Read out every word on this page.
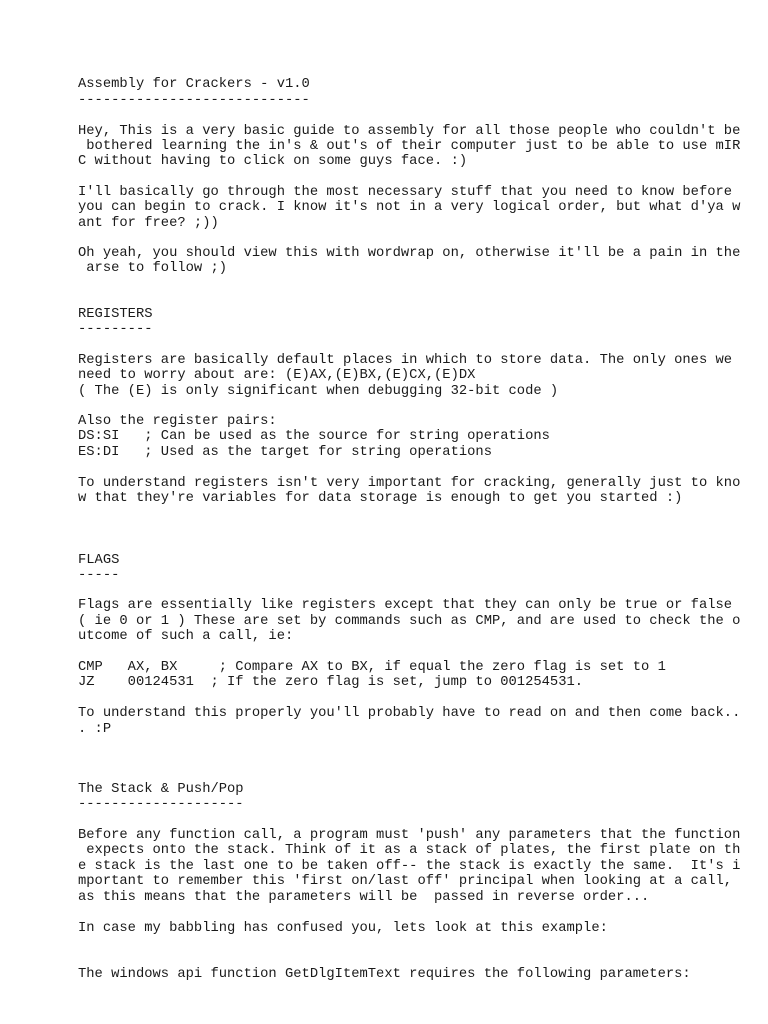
Assembly for Crackers - v1.0
----------------------------
Hey, This is a very basic guide to assembly for all those people who couldn't be
bothered learning the in's & out's of their computer just to be able to use mIR
C without having to click on some guys face. :)
I'll basically go through the most necessary stuff that you need to know before
you can begin to crack. I know it's not in a very logical order, but what d'ya w
ant for free? ;))
Oh yeah, you should view this with wordwrap on, otherwise it'll be a pain in the
arse to follow ;)
REGISTERS
---------
Registers are basically default places in which to store data. The only ones we
need to worry about are: (E)AX,(E)BX,(E)CX,(E)DX
( The (E) is only significant when debugging 32-bit code )
Also the register pairs:
DS:SI   ; Can be used as the source for string operations
ES:DI   ; Used as the target for string operations
To understand registers isn't very important for cracking, generally just to kno
w that they're variables for data storage is enough to get you started :)
FLAGS
-----
Flags are essentially like registers except that they can only be true or false
( ie 0 or 1 ) These are set by commands such as CMP, and are used to check the o
utcome of such a call, ie:
CMP   AX, BX     ; Compare AX to BX, if equal the zero flag is set to 1
JZ    00124531  ; If the zero flag is set, jump to 001254531.
To understand this properly you'll probably have to read on and then come back..
. :P
The Stack & Push/Pop
--------------------
Before any function call, a program must 'push' any parameters that the function
expects onto the stack. Think of it as a stack of plates, the first plate on th
e stack is the last one to be taken off-- the stack is exactly the same.  It's i
mportant to remember this 'first on/last off' principal when looking at a call,
as this means that the parameters will be  passed in reverse order...
In case my babbling has confused you, lets look at this example:
The windows api function GetDlgItemText requires the following parameters:
